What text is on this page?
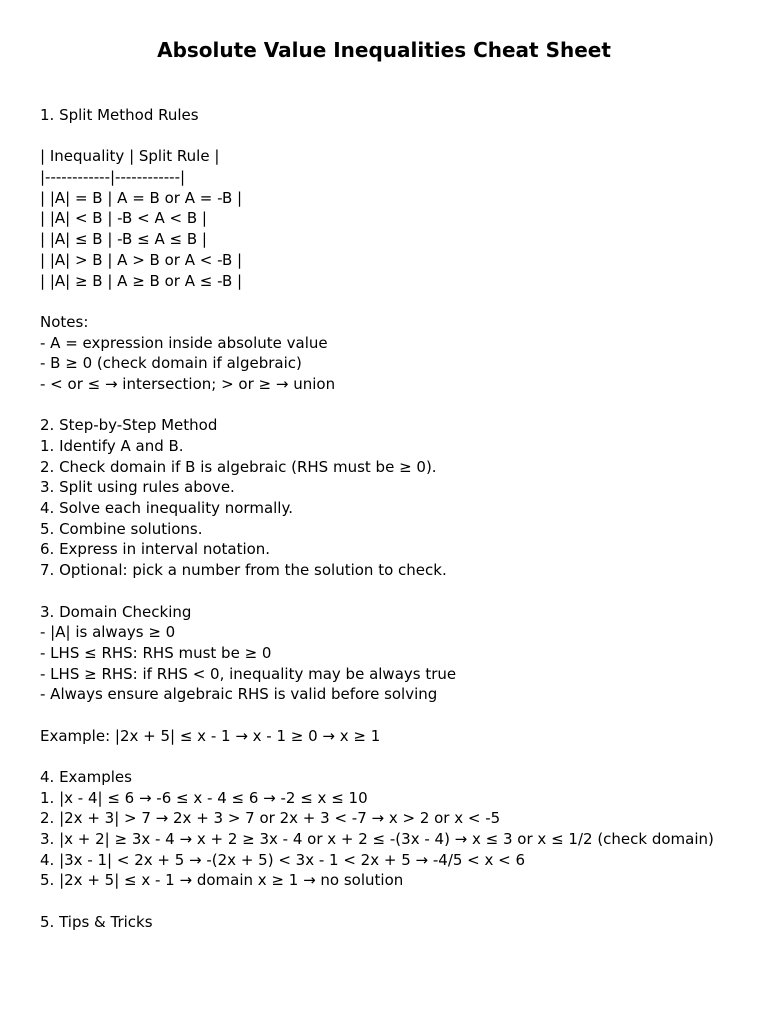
Absolute Value Inequalities Cheat Sheet
1. Split Method Rules
| Inequality | Split Rule |
|------------|------------|
| |A| = B | A = B or A = -B |
| |A| < B | -B < A < B |
| |A| ≤ B | -B ≤ A ≤ B |
| |A| > B | A > B or A < -B |
| |A| ≥ B | A ≥ B or A ≤ -B |
Notes:
- A = expression inside absolute value
- B ≥ 0 (check domain if algebraic)
- < or ≤ → intersection; > or ≥ → union
2. Step-by-Step Method
1. Identify A and B.
2. Check domain if B is algebraic (RHS must be ≥ 0).
3. Split using rules above.
4. Solve each inequality normally.
5. Combine solutions.
6. Express in interval notation.
7. Optional: pick a number from the solution to check.
3. Domain Checking
- |A| is always ≥ 0
- LHS ≤ RHS: RHS must be ≥ 0
- LHS ≥ RHS: if RHS < 0, inequality may be always true
- Always ensure algebraic RHS is valid before solving
Example: |2x + 5| ≤ x - 1 → x - 1 ≥ 0 → x ≥ 1
4. Examples
1. |x - 4| ≤ 6 → -6 ≤ x - 4 ≤ 6 → -2 ≤ x ≤ 10
2. |2x + 3| > 7 → 2x + 3 > 7 or 2x + 3 < -7 → x > 2 or x < -5
3. |x + 2| ≥ 3x - 4 → x + 2 ≥ 3x - 4 or x + 2 ≤ -(3x - 4) → x ≤ 3 or x ≤ 1/2 (check domain)
4. |3x - 1| < 2x + 5 → -(2x + 5) < 3x - 1 < 2x + 5 → -4/5 < x < 6
5. |2x + 5| ≤ x - 1 → domain x ≥ 1 → no solution
5. Tips & Tricks
